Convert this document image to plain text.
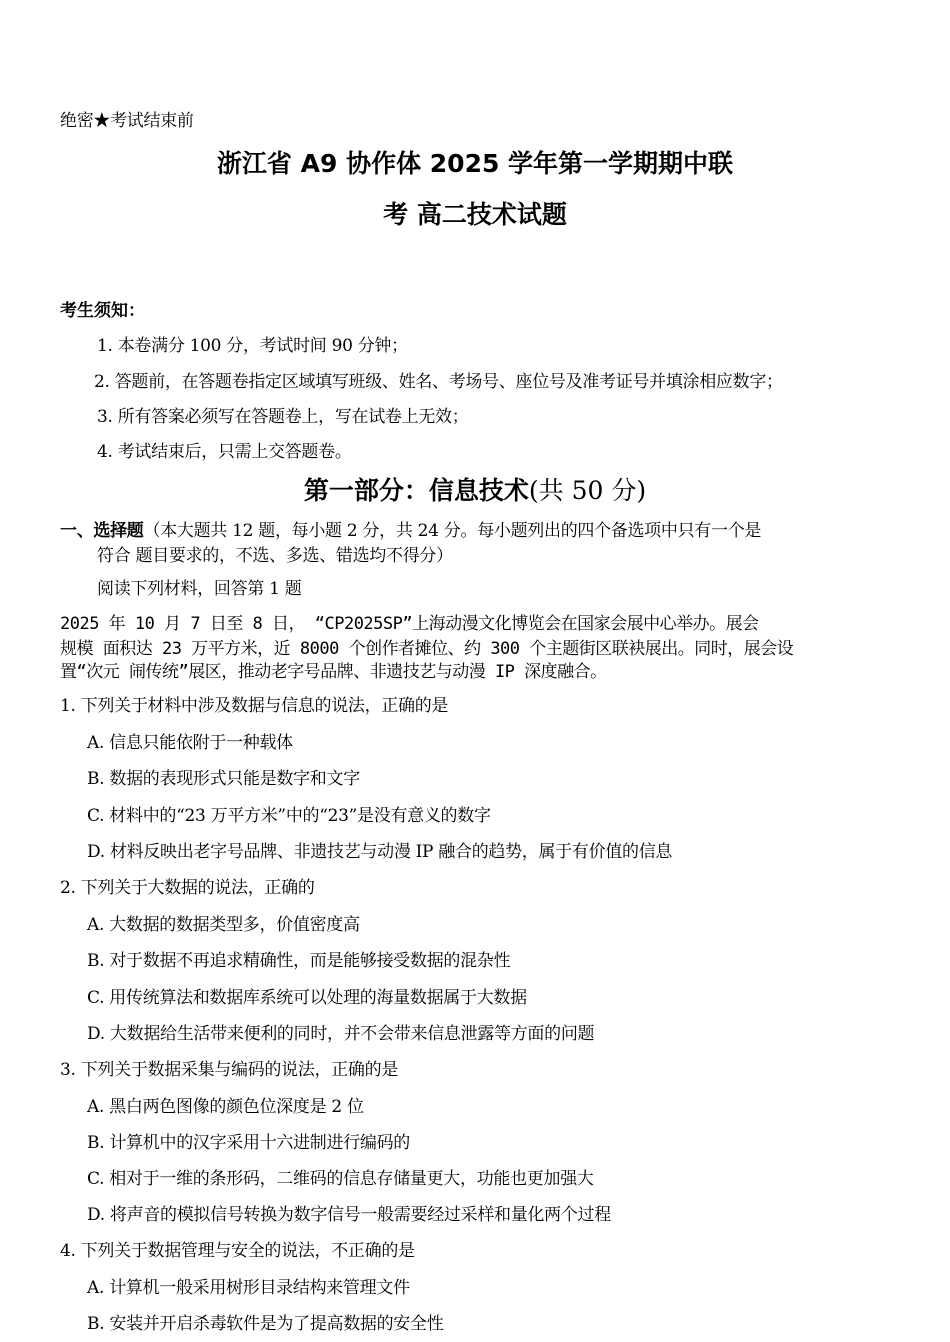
绝密★考试结束前
浙江省 A9 协作体 2025 学年第一学期期中联
考 高二技术试题
考生须知：
1. 本卷满分 100 分，考试时间 90 分钟；
2. 答题前，在答题卷指定区域填写班级、姓名、考场号、座位号及准考证号并填涂相应数字；
3. 所有答案必须写在答题卷上，写在试卷上无效；
4. 考试结束后，只需上交答题卷。
第一部分：信息技术(共 50 分)
一、选择题（本大题共 12 题，每小题 2 分，共 24 分。每小题列出的四个备选项中只有一个是
符合 题目要求的，不选、多选、错选均不得分）
阅读下列材料，回答第 1 题
2025 年 10 月 7 日至 8 日， “CP2025SP”上海动漫文化博览会在国家会展中心举办。展会
规模 面积达 23 万平方米，近 8000 个创作者摊位、约 300 个主题街区联袂展出。同时，展会设
置“次元 闹传统”展区，推动老字号品牌、非遗技艺与动漫 IP 深度融合。
1. 下列关于材料中涉及数据与信息的说法，正确的是
A. 信息只能依附于一种载体
B. 数据的表现形式只能是数字和文字
C. 材料中的“23 万平方米”中的“23”是没有意义的数字
D. 材料反映出老字号品牌、非遗技艺与动漫 IP 融合的趋势，属于有价值的信息
2. 下列关于大数据的说法，正确的
A. 大数据的数据类型多，价值密度高
B. 对于数据不再追求精确性，而是能够接受数据的混杂性
C. 用传统算法和数据库系统可以处理的海量数据属于大数据
D. 大数据给生活带来便利的同时，并不会带来信息泄露等方面的问题
3. 下列关于数据采集与编码的说法，正确的是
A. 黑白两色图像的颜色位深度是 2 位
B. 计算机中的汉字采用十六进制进行编码的
C. 相对于一维的条形码，二维码的信息存储量更大，功能也更加强大
D. 将声音的模拟信号转换为数字信号一般需要经过采样和量化两个过程
4. 下列关于数据管理与安全的说法，不正确的是
A. 计算机一般采用树形目录结构来管理文件
B. 安装并开启杀毒软件是为了提高数据的安全性
